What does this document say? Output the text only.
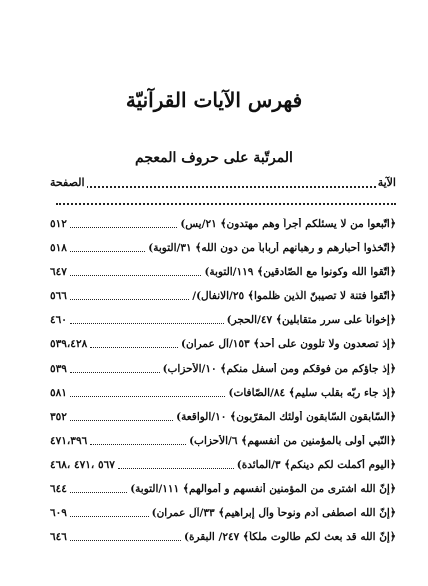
فهرس الآيات القرآنيّة
المرتّبة على حروف المعجم
الآية
الصفحة
﴿اتّبعوا من لا يسئلكم أجراً وهم مهتدون﴾ ٢١/يس)
٥١٢
﴿اتّخذوا أحبارهم و رهبانهم أرباباً من دون الله﴾ ٣١/التوبة)
٥١٨
﴿اتّقوا الله وكونوا مع الصّادقين﴾ ١١٩/التوبة)
٦٤٧
﴿اتّقوا فتنة لا تصيبنّ الّذين ظلموا﴾ ٢٥/الانفال)/
٥٦٦
﴿إخواناً على سرر متقابلين﴾ ٤٧/الحجر)
٤٦٠
﴿إذ تصعدون ولا تلوون على أحد﴾ ١٥٣/آل عمران)
٥٣٩،٤٢٨
﴿إذ جاؤكم من فوقكم ومن أسفل منكم﴾ ١٠/الأحزاب)
٥٣٩
﴿إذ جاء ربّه بقلب سليم﴾ ٨٤/الصّافات)
٥٨١
﴿السّابقون السّابقون أولئك المقرّبون﴾ ١٠/الواقعة)
٣٥٢
﴿النّبي أولى بالمؤمنين من أنفسهم﴾ ٦/الأحزاب)
٤٧١،٣٩٦
﴿اليوم أكملت لكم دينكم﴾ ٣/المائدة)
٥٦٧ ،٤٧١ ،٤٦٨
﴿إنّ الله اشترى من المؤمنين أنفسهم و أموالهم﴾ ١١١/التوبة)
٦٤٤
﴿إنّ الله اصطفى آدم ونوحاً وآل إبراهيم﴾ ٣٣/آل عمران)
٦٠٩
﴿إنّ الله قد بعث لكم طالوت ملكاً﴾ ٢٤٧/ البقرة)
٦٤٦
